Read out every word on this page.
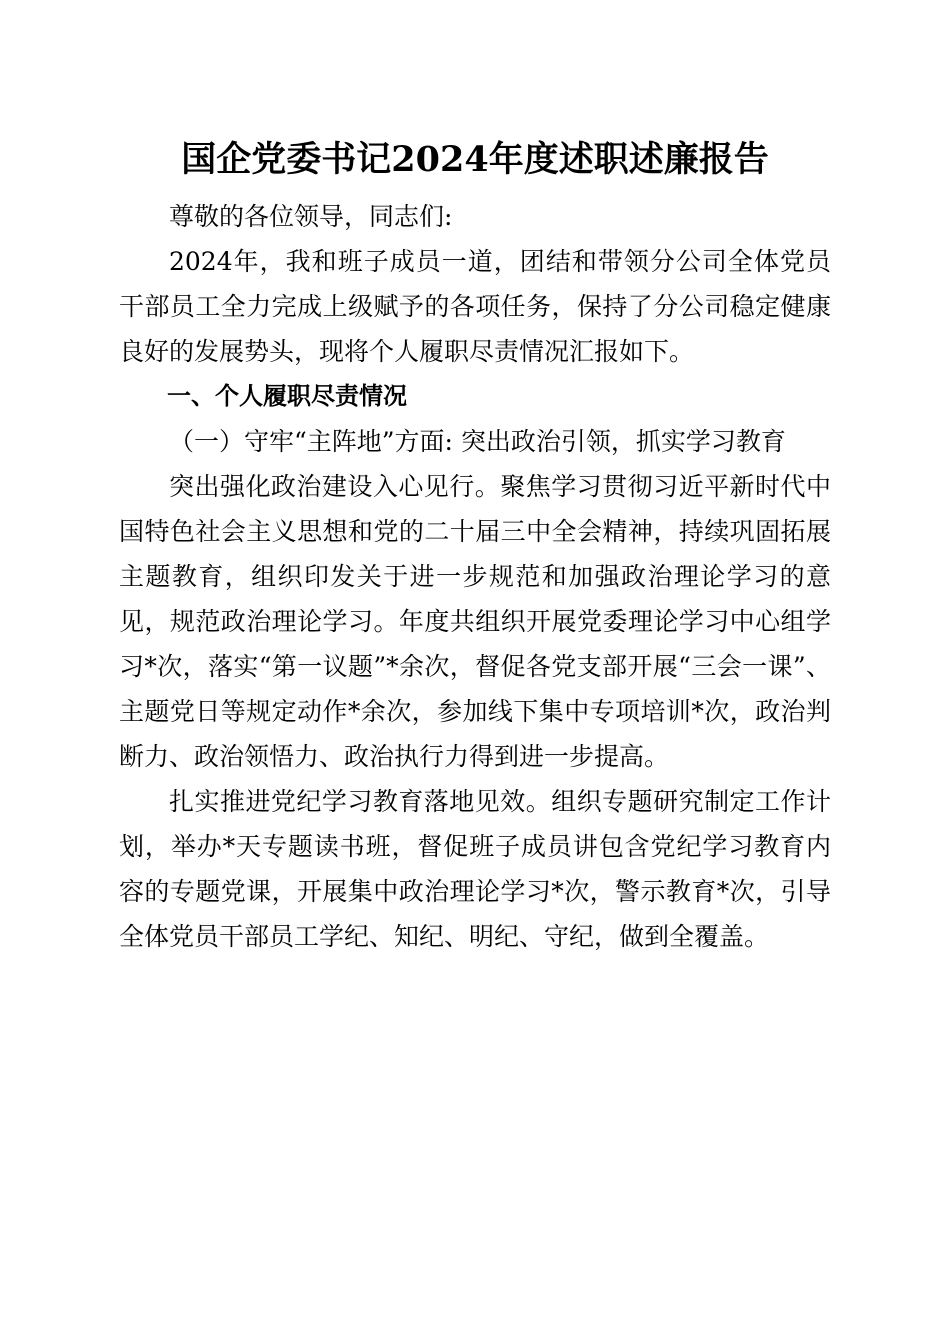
国企党委书记2024年度述职述廉报告

尊敬的各位领导，同志们:

2024年，我和班子成员一道，团结和带领分公司全体党员干部员工全力完成上级赋予的各项任务，保持了分公司稳定健康良好的发展势头，现将个人履职尽责情况汇报如下。

一、个人履职尽责情况

（一）守牢“主阵地”方面: 突出政治引领，抓实学习教育

突出强化政治建设入心见行。聚焦学习贯彻习近平新时代中国特色社会主义思想和党的二十届三中全会精神，持续巩固拓展主题教育，组织印发关于进一步规范和加强政治理论学习的意见，规范政治理论学习。年度共组织开展党委理论学习中心组学习*次，落实“第一议题”*余次，督促各党支部开展“三会一课”、主题党日等规定动作*余次，参加线下集中专项培训*次，政治判断力、政治领悟力、政治执行力得到进一步提高。

扎实推进党纪学习教育落地见效。组织专题研究制定工作计划，举办*天专题读书班，督促班子成员讲包含党纪学习教育内容的专题党课，开展集中政治理论学习*次，警示教育*次，引导全体党员干部员工学纪、知纪、明纪、守纪，做到全覆盖。
